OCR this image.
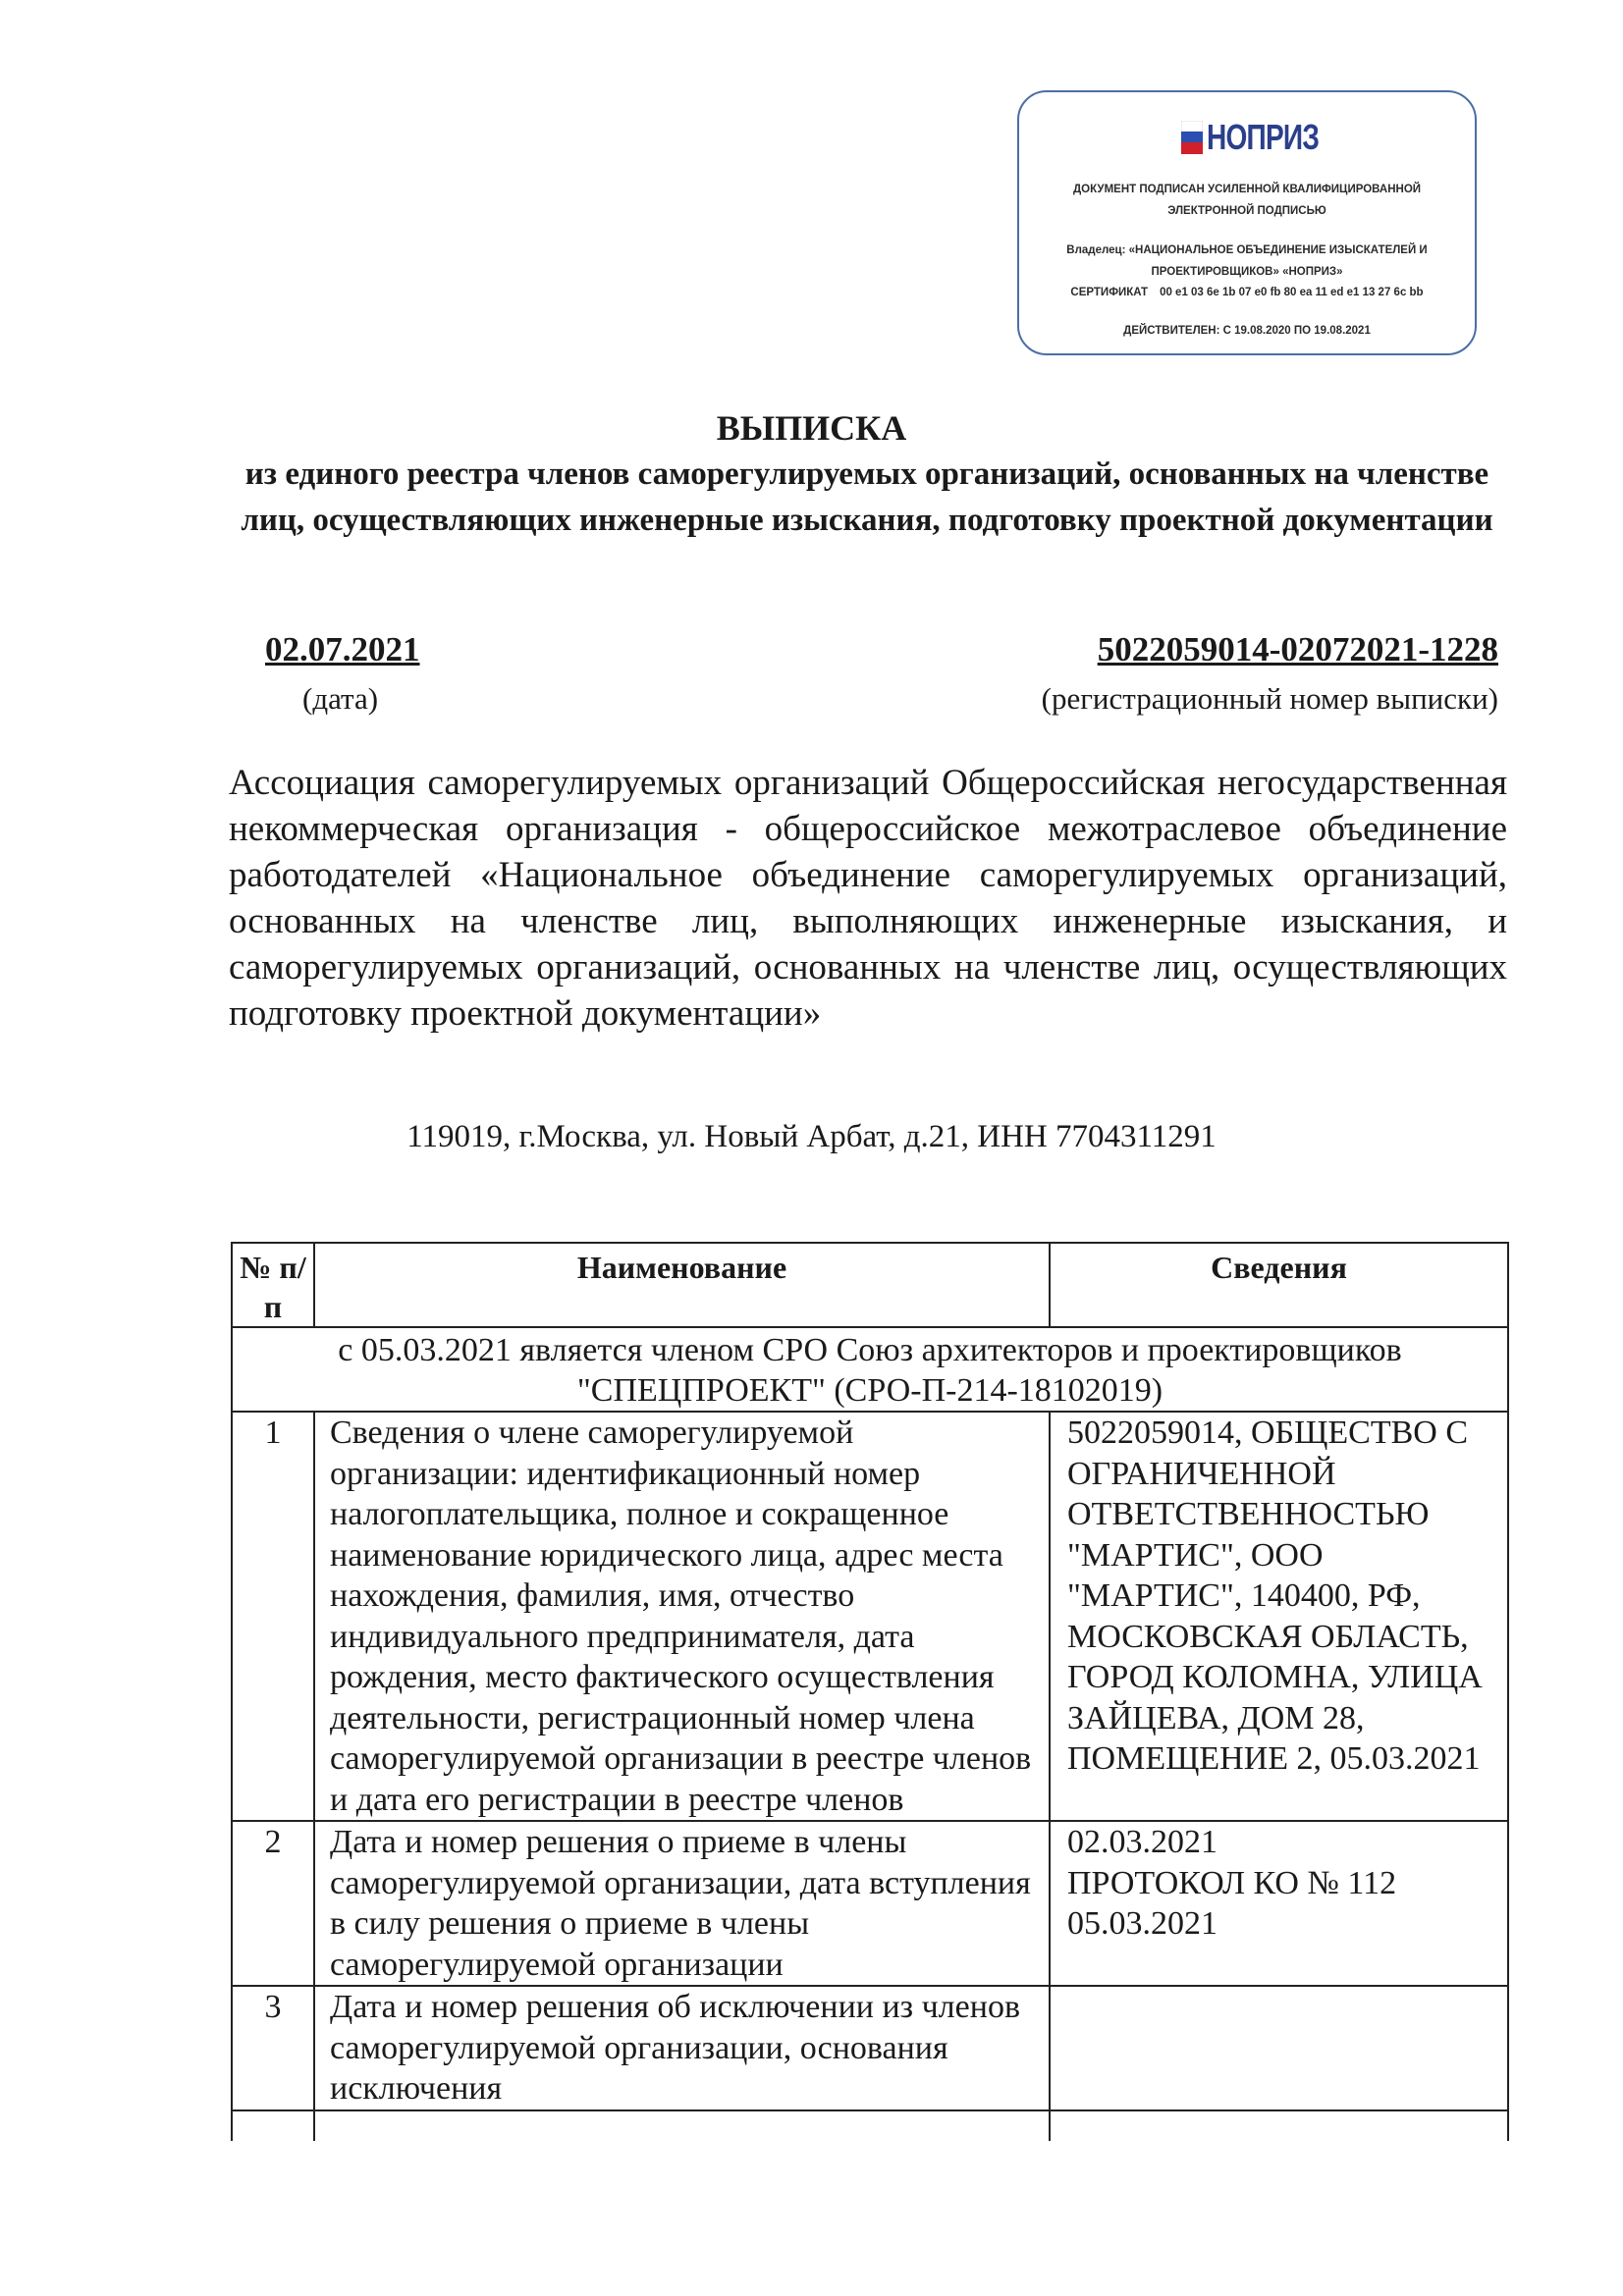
НОПРИЗ
ДОКУМЕНТ ПОДПИСАН УСИЛЕННОЙ КВАЛИФИЦИРОВАННОЙ
ЭЛЕКТРОННОЙ ПОДПИСЬЮ
Владелец: «НАЦИОНАЛЬНОЕ ОБЪЕДИНЕНИЕ ИЗЫСКАТЕЛЕЙ И
ПРОЕКТИРОВЩИКОВ» «НОПРИЗ»
СЕРТИФИКАТ 00 e1 03 6e 1b 07 e0 fb 80 ea 11 ed e1 13 27 6c bb
ДЕЙСТВИТЕЛЕН: С 19.08.2020 ПО 19.08.2021
ВЫПИСКА

из единого реестра членов саморегулируемых организаций, основанных на членстве лиц, осуществляющих инженерные изыскания, подготовку проектной документации

02.07.2021
(дата)
5022059014-02072021-1228
(регистрационный номер выписки)

Ассоциация саморегулируемых организаций Общероссийская негосударственная некоммерческая организация - общероссийское межотраслевое объединение работодателей «Национальное объединение саморегулируемых организаций, основанных на членстве лиц, выполняющих инженерные изыскания, и саморегулируемых организаций, основанных на членстве лиц, осуществляющих подготовку проектной документации»

119019, г.Москва, ул. Новый Арбат, д.21, ИНН 7704311291

№ п/п	Наименование	Сведения
с 05.03.2021 является членом СРО Союз архитекторов и проектировщиков "СПЕЦПРОЕКТ" (СРО-П-214-18102019)		
1	Сведения о члене саморегулируемой организации: идентификационный номер налогоплательщика, полное и сокращенное наименование юридического лица, адрес места нахождения, фамилия, имя, отчество индивидуального предпринимателя, дата рождения, место фактического осуществления деятельности, регистрационный номер члена саморегулируемой организации в реестре членов и дата его регистрации в реестре членов	5022059014, ОБЩЕСТВО С ОГРАНИЧЕННОЙ ОТВЕТСТВЕННОСТЬЮ "МАРТИС", ООО "МАРТИС", 140400, РФ, МОСКОВСКАЯ ОБЛАСТЬ, ГОРОД КОЛОМНА, УЛИЦА ЗАЙЦЕВА, ДОМ 28, ПОМЕЩЕНИЕ 2, 05.03.2021
2	Дата и номер решения о приеме в члены саморегулируемой организации, дата вступления в силу решения о приеме в члены саморегулируемой организации	02.03.2021
ПРОТОКОЛ КО № 112
05.03.2021

3	Дата и номер решения об исключении из членов саморегулируемой организации, основания исключения	
